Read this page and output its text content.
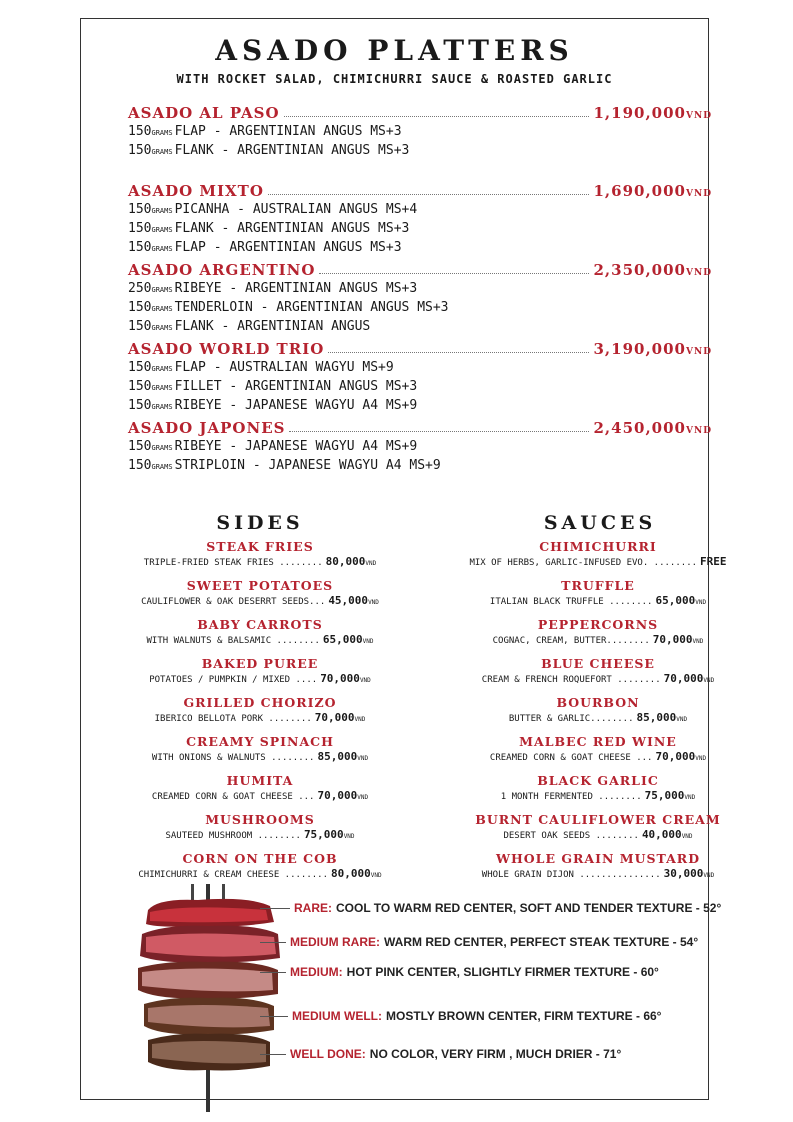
ASADO PLATTERS
WITH ROCKET SALAD, CHIMICHURRI SAUCE & ROASTED GARLIC
ASADO AL PASO	1,190,000VND
150GRAMS FLAP - ARGENTINIAN ANGUS MS+3
150GRAMS FLANK - ARGENTINIAN ANGUS MS+3
ASADO MIXTO	1,690,000VND
150GRAMS PICANHA - AUSTRALIAN ANGUS MS+4
150GRAMS FLANK - ARGENTINIAN ANGUS MS+3
150GRAMS FLAP - ARGENTINIAN ANGUS MS+3
ASADO ARGENTINO	2,350,000VND
250GRAMS RIBEYE - ARGENTINIAN ANGUS MS+3
150GRAMS TENDERLOIN - ARGENTINIAN ANGUS MS+3
150GRAMS FLANK - ARGENTINIAN ANGUS
ASADO WORLD TRIO	3,190,000VND
150GRAMS FLAP - AUSTRALIAN WAGYU MS+9
150GRAMS FILLET - ARGENTINIAN ANGUS MS+3
150GRAMS RIBEYE - JAPANESE WAGYU A4 MS+9
ASADO JAPONES	2,450,000VND
150GRAMS RIBEYE - JAPANESE WAGYU A4 MS+9
150GRAMS STRIPLOIN - JAPANESE WAGYU A4 MS+9
SIDES	SAUCES
STEAK FRIES
TRIPLE-FRIED STEAK FRIES ........ 80,000VND
SWEET POTATOES
CAULIFLOWER & OAK DESERRT SEEDS... 45,000VND
BABY CARROTS
WITH WALNUTS & BALSAMIC ........ 65,000VND
BAKED PUREE
POTATOES / PUMPKIN / MIXED .... 70,000VND
GRILLED CHORIZO
IBERICO BELLOTA PORK ........ 70,000VND
CREAMY SPINACH
WITH ONIONS & WALNUTS ........ 85,000VND
HUMITA
CREAMED CORN & GOAT CHEESE ... 70,000VND
MUSHROOMS
SAUTEED MUSHROOM ........ 75,000VND
CORN ON THE COB
CHIMICHURRI & CREAM CHEESE ........ 80,000VND
CHIMICHURRI
MIX OF HERBS, GARLIC-INFUSED EVO. ........ FREE
TRUFFLE
ITALIAN BLACK TRUFFLE ........ 65,000VND
PEPPERCORNS
COGNAC, CREAM, BUTTER........ 70,000VND
BLUE CHEESE
CREAM & FRENCH ROQUEFORT ........ 70,000VND
BOURBON
BUTTER & GARLIC........ 85,000VND
MALBEC RED WINE
CREAMED CORN & GOAT CHEESE ... 70,000VND
BLACK GARLIC
1 MONTH FERMENTED ........ 75,000VND
BURNT CAULIFLOWER CREAM
DESERT OAK SEEDS ........ 40,000VND
WHOLE GRAIN MUSTARD
WHOLE GRAIN DIJON ............... 30,000VND
RARE: COOL TO WARM RED CENTER, SOFT AND TENDER TEXTURE - 52°
MEDIUM RARE: WARM RED CENTER, PERFECT STEAK TEXTURE - 54°
MEDIUM: HOT PINK CENTER, SLIGHTLY FIRMER TEXTURE - 60°
MEDIUM WELL: MOSTLY BROWN CENTER, FIRM TEXTURE - 66°
WELL DONE: NO COLOR, VERY FIRM , MUCH DRIER - 71°
